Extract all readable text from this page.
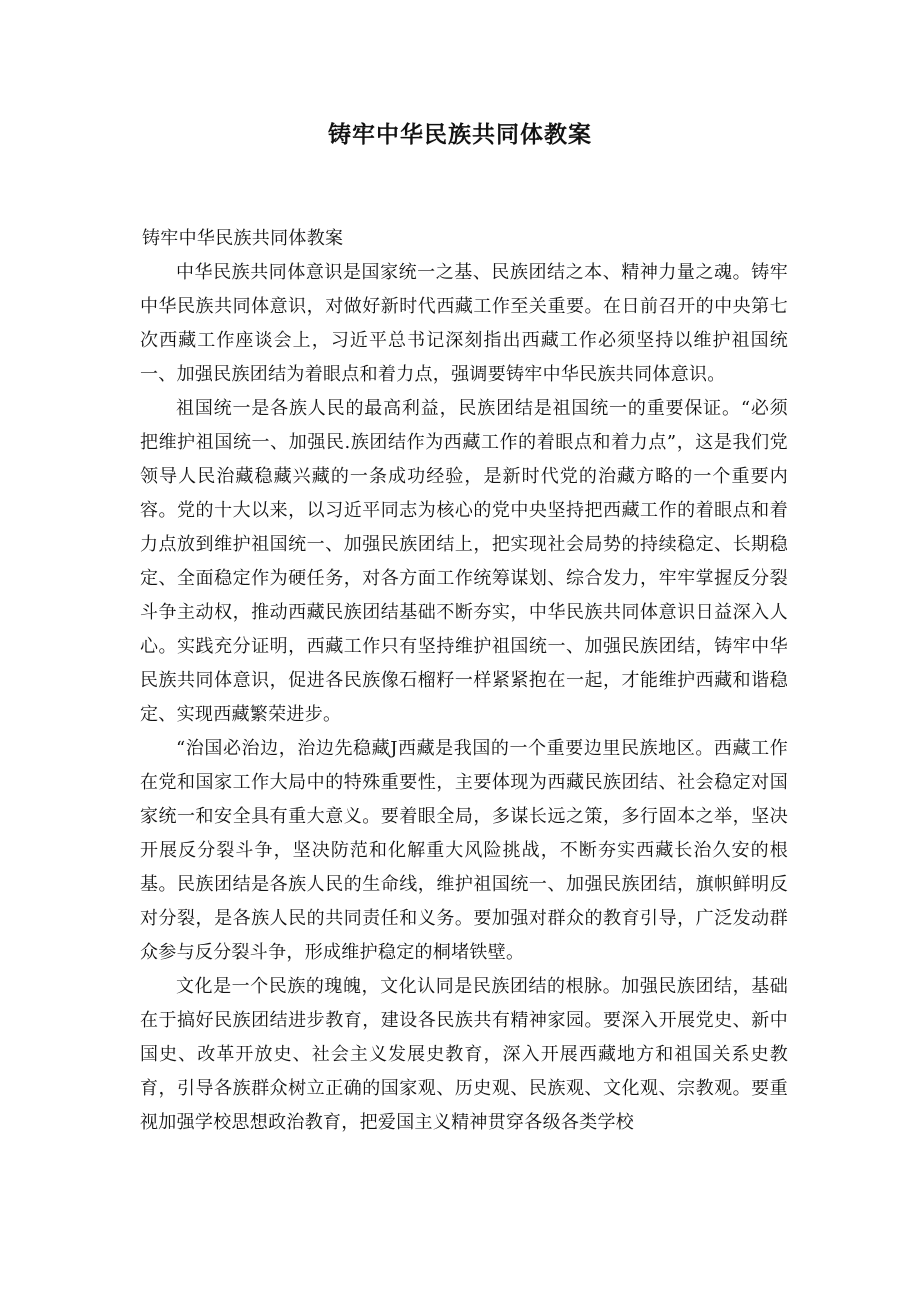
铸牢中华民族共同体教案

铸牢中华民族共同体教案

中华民族共同体意识是国家统一之基、民族团结之本、精神力量之魂。铸牢中华民族共同体意识，对做好新时代西藏工作至关重要。在日前召开的中央第七次西藏工作座谈会上，习近平总书记深刻指出西藏工作必须坚持以维护祖国统一、加强民族团结为着眼点和着力点，强调要铸牢中华民族共同体意识。

祖国统一是各族人民的最高利益，民族团结是祖国统一的重要保证。“必须把维护祖国统一、加强民.族团结作为西藏工作的着眼点和着力点”，这是我们党领导人民治藏稳藏兴藏的一条成功经验，是新时代党的治藏方略的一个重要内容。党的十大以来，以习近平同志为核心的党中央坚持把西藏工作的着眼点和着力点放到维护祖国统一、加强民族团结上，把实现社会局势的持续稳定、长期稳定、全面稳定作为硬任务，对各方面工作统筹谋划、综合发力，牢牢掌握反分裂斗争主动权，推动西藏民族团结基础不断夯实，中华民族共同体意识日益深入人心。实践充分证明，西藏工作只有坚持维护祖国统一、加强民族团结，铸牢中华民族共同体意识，促进各民族像石榴籽一样紧紧抱在一起，才能维护西藏和谐稳定、实现西藏繁荣进步。

“治国必治边，治边先稳藏J西藏是我国的一个重要边里民族地区。西藏工作在党和国家工作大局中的特殊重要性，主要体现为西藏民族团结、社会稳定对国家统一和安全具有重大意义。要着眼全局，多谋长远之策，多行固本之举，坚决开展反分裂斗争，坚决防范和化解重大风险挑战，不断夯实西藏长治久安的根基。民族团结是各族人民的生命线，维护祖国统一、加强民族团结，旗帜鲜明反对分裂，是各族人民的共同责任和义务。要加强对群众的教育引导，广泛发动群众参与反分裂斗争，形成维护稳定的桐堵铁壁。

文化是一个民族的瑰魄，文化认同是民族团结的根脉。加强民族团结，基础在于搞好民族团结进步教育，建设各民族共有精神家园。要深入开展党史、新中国史、改革开放史、社会主义发展史教育，深入开展西藏地方和祖国关系史教育，引导各族群众树立正确的国家观、历史观、民族观、文化观、宗教观。要重视加强学校思想政治教育，把爱国主义精神贯穿各级各类学校
